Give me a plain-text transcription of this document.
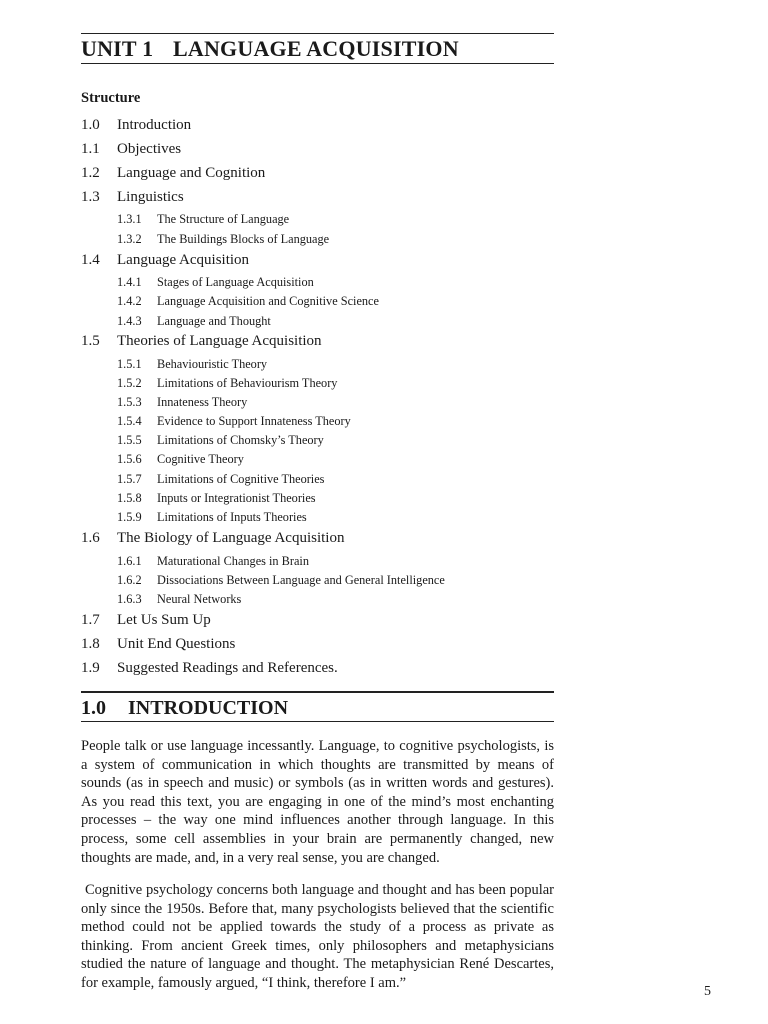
UNIT 1 LANGUAGE ACQUISITION
Structure
1.0 Introduction
1.1 Objectives
1.2 Language and Cognition
1.3 Linguistics
1.3.1 The Structure of Language
1.3.2 The Buildings Blocks of Language
1.4 Language Acquisition
1.4.1 Stages of Language Acquisition
1.4.2 Language Acquisition and Cognitive Science
1.4.3 Language and Thought
1.5 Theories of Language Acquisition
1.5.1 Behaviouristic Theory
1.5.2 Limitations of Behaviourism Theory
1.5.3 Innateness Theory
1.5.4 Evidence to Support Innateness Theory
1.5.5 Limitations of Chomsky’s Theory
1.5.6 Cognitive Theory
1.5.7 Limitations of Cognitive Theories
1.5.8 Inputs or Integrationist Theories
1.5.9 Limitations of Inputs Theories
1.6 The Biology of Language Acquisition
1.6.1 Maturational Changes in Brain
1.6.2 Dissociations Between Language and General Intelligence
1.6.3 Neural Networks
1.7 Let Us Sum Up
1.8 Unit End Questions
1.9 Suggested Readings and References.
1.0 INTRODUCTION

People talk or use language incessantly. Language, to cognitive psychologists, is a system of communication in which thoughts are transmitted by means of sounds (as in speech and music) or symbols (as in written words and gestures). As you read this text, you are engaging in one of the mind’s most enchanting processes – the way one mind influences another through language. In this process, some cell assemblies in your brain are permanently changed, new thoughts are made, and, in a very real sense, you are changed.

Cognitive psychology concerns both language and thought and has been popular only since the 1950s. Before that, many psychologists believed that the scientific method could not be applied towards the study of a process as private as thinking. From ancient Greek times, only philosophers and metaphysicians studied the nature of language and thought. The metaphysician René Descartes, for example, famously argued, “I think, therefore I am.”

5
